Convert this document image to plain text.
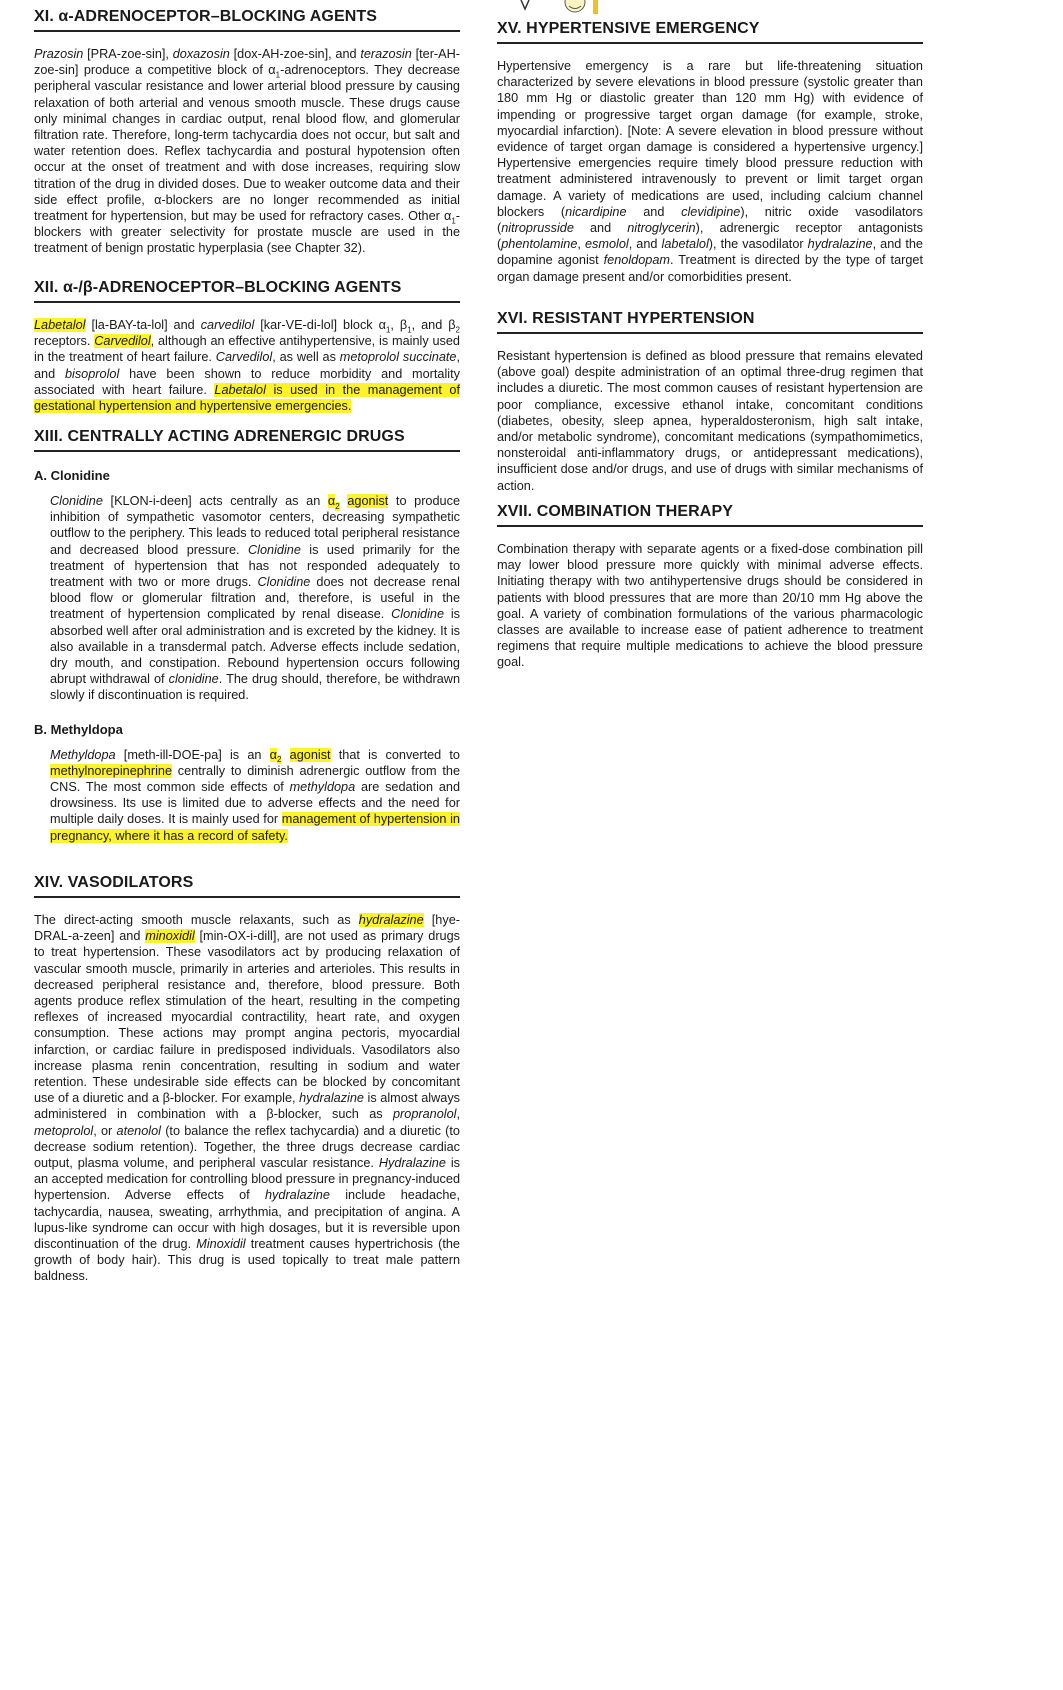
XI. α-ADRENOCEPTOR–BLOCKING AGENTS

Prazosin [PRA-zoe-sin], doxazosin [dox-AH-zoe-sin], and terazosin [ter-AH-zoe-sin] produce a competitive block of $\alpha_1$-adrenoceptors. They decrease peripheral vascular resistance and lower arterial blood pressure by causing relaxation of both arterial and venous smooth muscle. These drugs cause only minimal changes in cardiac output, renal blood flow, and glomerular filtration rate. Therefore, long-term tachycardia does not occur, but salt and water retention does. Reflex tachycardia and postural hypotension often occur at the onset of treatment and with dose increases, requiring slow titration of the drug in divided doses. Due to weaker outcome data and their side effect profile, α-blockers are no longer recommended as initial treatment for hypertension, but may be used for refractory cases. Other $\alpha_1$-blockers with greater selectivity for prostate muscle are used in the treatment of benign prostatic hyperplasia (see Chapter 32).

XII. α-/β-ADRENOCEPTOR–BLOCKING AGENTS

Labetalol [la-BAY-ta-lol] and carvedilol [kar-VE-di-lol] block $\alpha_1$, $\beta_1$, and $\beta_2$ receptors. Carvedilol, although an effective antihypertensive, is mainly used in the treatment of heart failure. Carvedilol, as well as metoprolol succinate, and bisoprolol have been shown to reduce morbidity and mortality associated with heart failure. Labetalol is used in the management of gestational hypertension and hypertensive emergencies.

XIII. CENTRALLY ACTING ADRENERGIC DRUGS
A. Clonidine

Clonidine [KLON-i-deen] acts centrally as an $\alpha_2$ agonist to produce inhibition of sympathetic vasomotor centers, decreasing sympathetic outflow to the periphery. This leads to reduced total peripheral resistance and decreased blood pressure. Clonidine is used primarily for the treatment of hypertension that has not responded adequately to treatment with two or more drugs. Clonidine does not decrease renal blood flow or glomerular filtration and, therefore, is useful in the treatment of hypertension complicated by renal disease. Clonidine is absorbed well after oral administration and is excreted by the kidney. It is also available in a transdermal patch. Adverse effects include sedation, dry mouth, and constipation. Rebound hypertension occurs following abrupt withdrawal of clonidine. The drug should, therefore, be withdrawn slowly if discontinuation is required.

B. Methyldopa

Methyldopa [meth-ill-DOE-pa] is an $\alpha_2$ agonist that is converted to methylnorepinephrine centrally to diminish adrenergic outflow from the CNS. The most common side effects of methyldopa are sedation and drowsiness. Its use is limited due to adverse effects and the need for multiple daily doses. It is mainly used for management of hypertension in pregnancy, where it has a record of safety.

XIV. VASODILATORS

The direct-acting smooth muscle relaxants, such as hydralazine [hye-DRAL-a-zeen] and minoxidil [min-OX-i-dill], are not used as primary drugs to treat hypertension. These vasodilators act by producing relaxation of vascular smooth muscle, primarily in arteries and arterioles. This results in decreased peripheral resistance and, therefore, blood pressure. Both agents produce reflex stimulation of the heart, resulting in the competing reflexes of increased myocardial contractility, heart rate, and oxygen consumption. These actions may prompt angina pectoris, myocardial infarction, or cardiac failure in predisposed individuals. Vasodilators also increase plasma renin concentration, resulting in sodium and water retention. These undesirable side effects can be blocked by concomitant use of a diuretic and a β-blocker. For example, hydralazine is almost always administered in combination with a β-blocker, such as propranolol, metoprolol, or atenolol (to balance the reflex tachycardia) and a diuretic (to decrease sodium retention). Together, the three drugs decrease cardiac output, plasma volume, and peripheral vascular resistance. Hydralazine is an accepted medication for controlling blood pressure in pregnancy-induced hypertension. Adverse effects of hydralazine include headache, tachycardia, nausea, sweating, arrhythmia, and precipitation of angina. A lupus-like syndrome can occur with high dosages, but it is reversible upon discontinuation of the drug. Minoxidil treatment causes hypertrichosis (the growth of body hair). This drug is used topically to treat male pattern baldness.

XV. HYPERTENSIVE EMERGENCY

Hypertensive emergency is a rare but life-threatening situation characterized by severe elevations in blood pressure (systolic greater than 180 mm Hg or diastolic greater than 120 mm Hg) with evidence of impending or progressive target organ damage (for example, stroke, myocardial infarction). [Note: A severe elevation in blood pressure without evidence of target organ damage is considered a hypertensive urgency.] Hypertensive emergencies require timely blood pressure reduction with treatment administered intravenously to prevent or limit target organ damage. A variety of medications are used, including calcium channel blockers (nicardipine and clevidipine), nitric oxide vasodilators (nitroprusside and nitroglycerin), adrenergic receptor antagonists (phentolamine, esmolol, and labetalol), the vasodilator hydralazine, and the dopamine agonist fenoldopam. Treatment is directed by the type of target organ damage present and/or comorbidities present.

XVI. RESISTANT HYPERTENSION

Resistant hypertension is defined as blood pressure that remains elevated (above goal) despite administration of an optimal three-drug regimen that includes a diuretic. The most common causes of resistant hypertension are poor compliance, excessive ethanol intake, concomitant conditions (diabetes, obesity, sleep apnea, hyperaldosteronism, high salt intake, and/or metabolic syndrome), concomitant medications (sympathomimetics, nonsteroidal anti-inflammatory drugs, or antidepressant medications), insufficient dose and/or drugs, and use of drugs with similar mechanisms of action.

XVII. COMBINATION THERAPY

Combination therapy with separate agents or a fixed-dose combination pill may lower blood pressure more quickly with minimal adverse effects. Initiating therapy with two antihypertensive drugs should be considered in patients with blood pressures that are more than 20/10 mm Hg above the goal. A variety of combination formulations of the various pharmacologic classes are available to increase ease of patient adherence to treatment regimens that require multiple medications to achieve the blood pressure goal.
